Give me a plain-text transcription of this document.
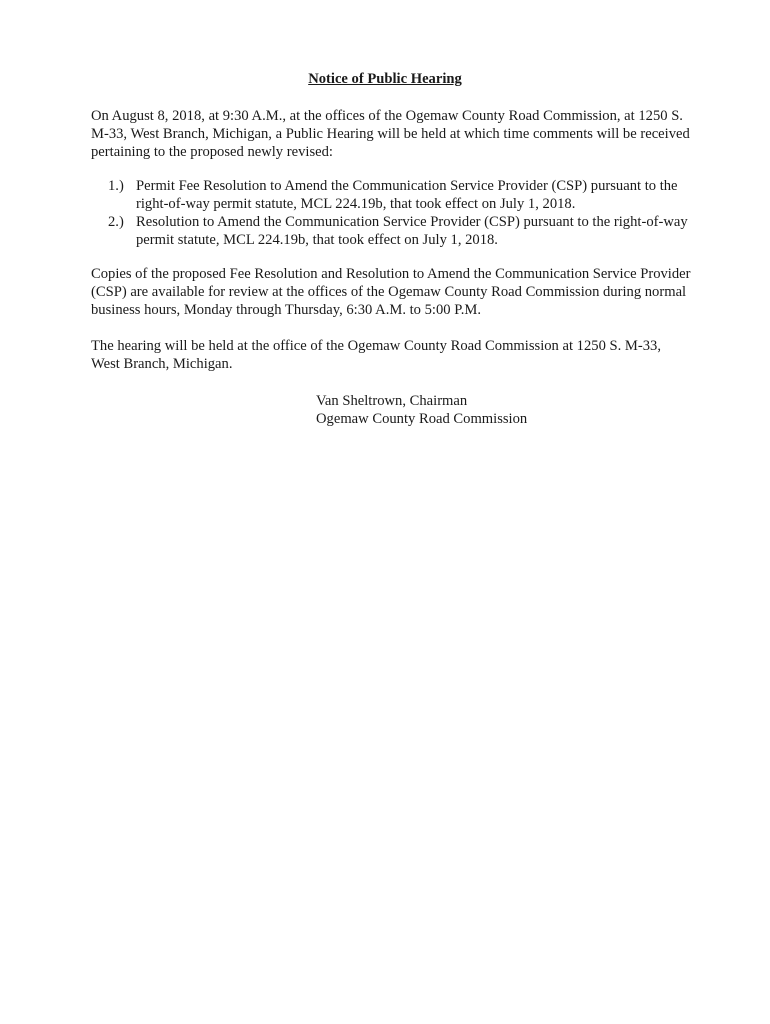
Notice of Public Hearing

On August 8, 2018, at 9:30 A.M., at the offices of the Ogemaw County Road Commission, at 1250 S. M-33, West Branch, Michigan, a Public Hearing will be held at which time comments will be received pertaining to the proposed newly revised:

1.) Permit Fee Resolution to Amend the Communication Service Provider (CSP) pursuant to the right-of-way permit statute, MCL 224.19b, that took effect on July 1, 2018.
2.) Resolution to Amend the Communication Service Provider (CSP) pursuant to the right-of-way permit statute, MCL 224.19b, that took effect on July 1, 2018.

Copies of the proposed Fee Resolution and Resolution to Amend the Communication Service Provider (CSP) are available for review at the offices of the Ogemaw County Road Commission during normal business hours, Monday through Thursday, 6:30 A.M. to 5:00 P.M.

The hearing will be held at the office of the Ogemaw County Road Commission at 1250 S. M-33, West Branch, Michigan.

Van Sheltrown, Chairman
Ogemaw County Road Commission
